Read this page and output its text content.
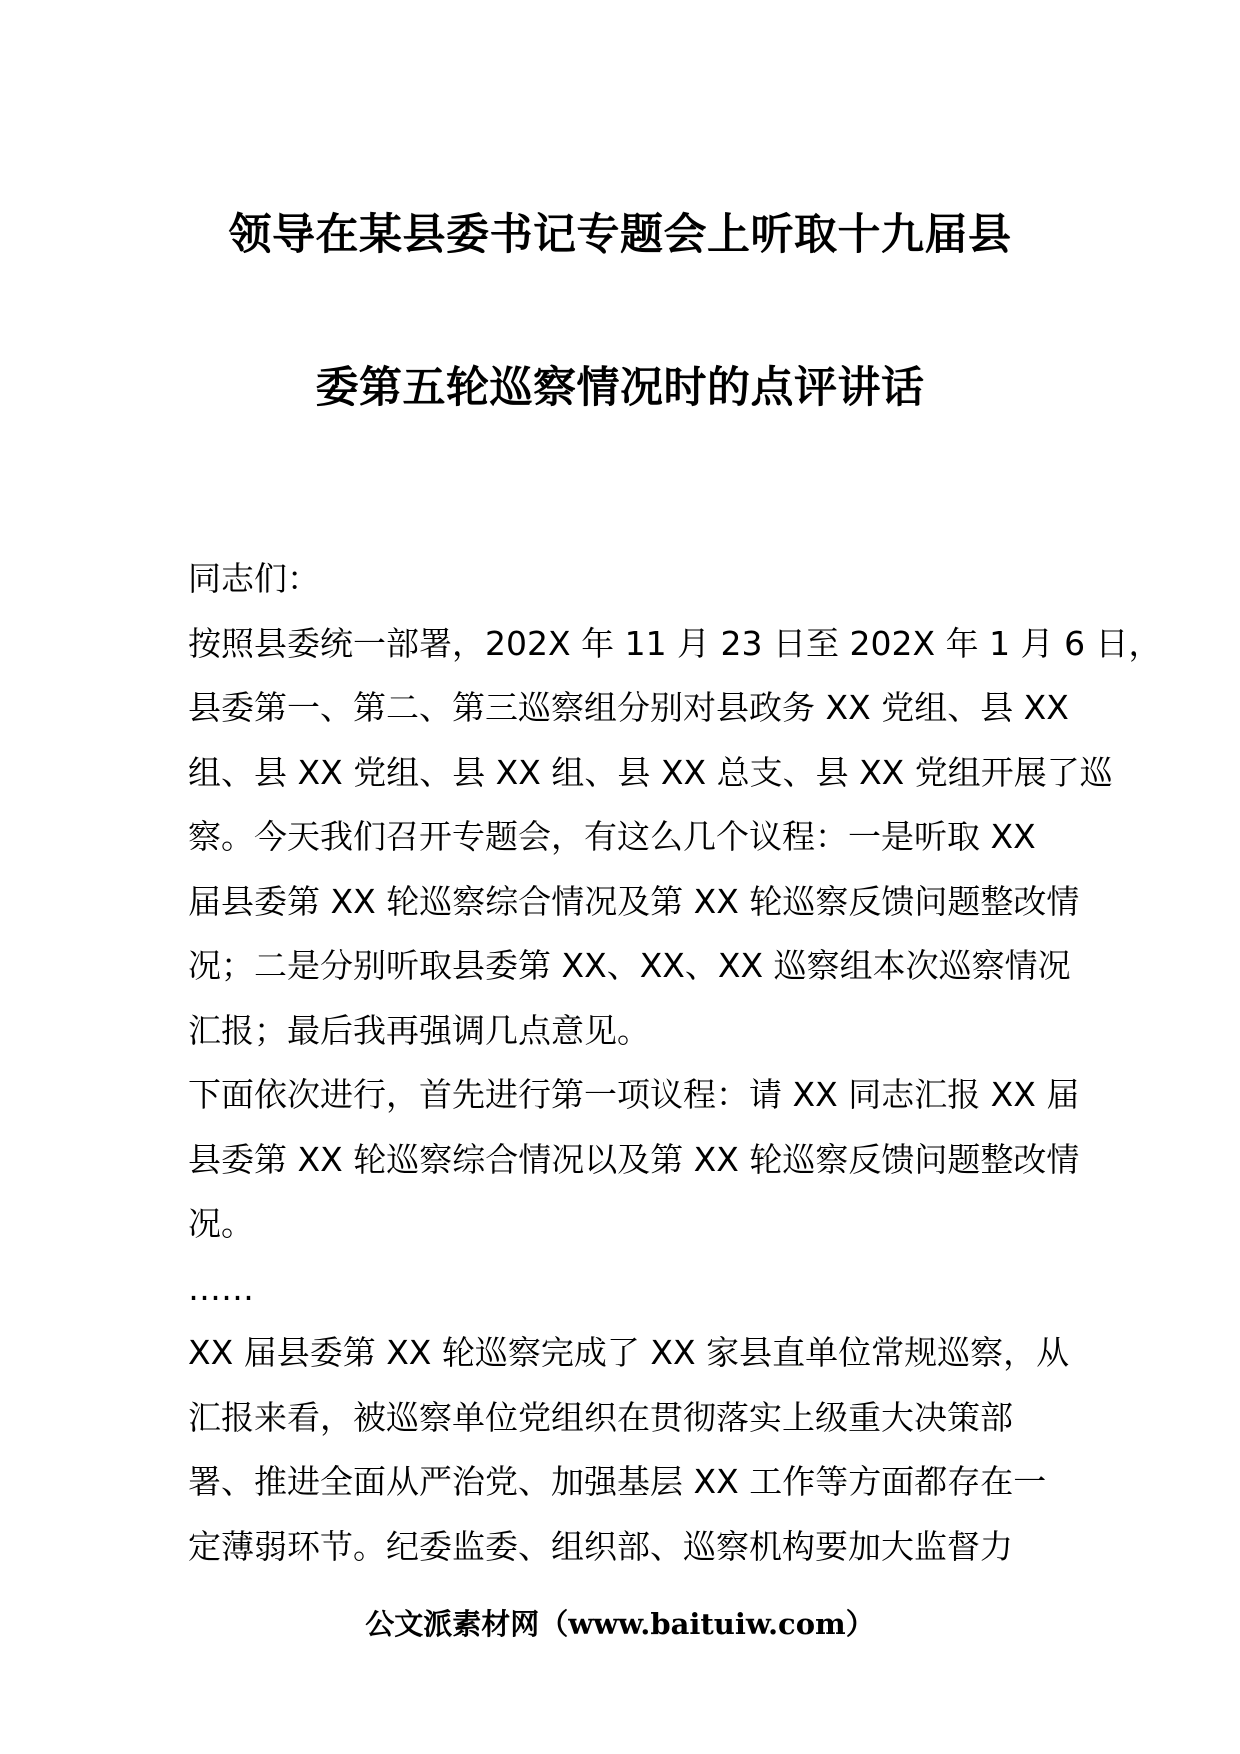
领导在某县委书记专题会上听取十九届县
委第五轮巡察情况时的点评讲话
同志们：
按照县委统一部署，202X 年 11 月 23 日至 202X 年 1 月 6 日，
县委第一、第二、第三巡察组分别对县政务 XX 党组、县 XX
组、县 XX 党组、县 XX 组、县 XX 总支、县 XX 党组开展了巡
察。今天我们召开专题会，有这么几个议程：一是听取 XX
届县委第 XX 轮巡察综合情况及第 XX 轮巡察反馈问题整改情
况；二是分别听取县委第 XX、XX、XX 巡察组本次巡察情况
汇报；最后我再强调几点意见。
下面依次进行，首先进行第一项议程：请 XX 同志汇报 XX 届
县委第 XX 轮巡察综合情况以及第 XX 轮巡察反馈问题整改情
况。
……
XX 届县委第 XX 轮巡察完成了 XX 家县直单位常规巡察，从
汇报来看，被巡察单位党组织在贯彻落实上级重大决策部
署、推进全面从严治党、加强基层 XX 工作等方面都存在一
定薄弱环节。纪委监委、组织部、巡察机构要加大监督力
公文派素材网（www.baituiw.com）
